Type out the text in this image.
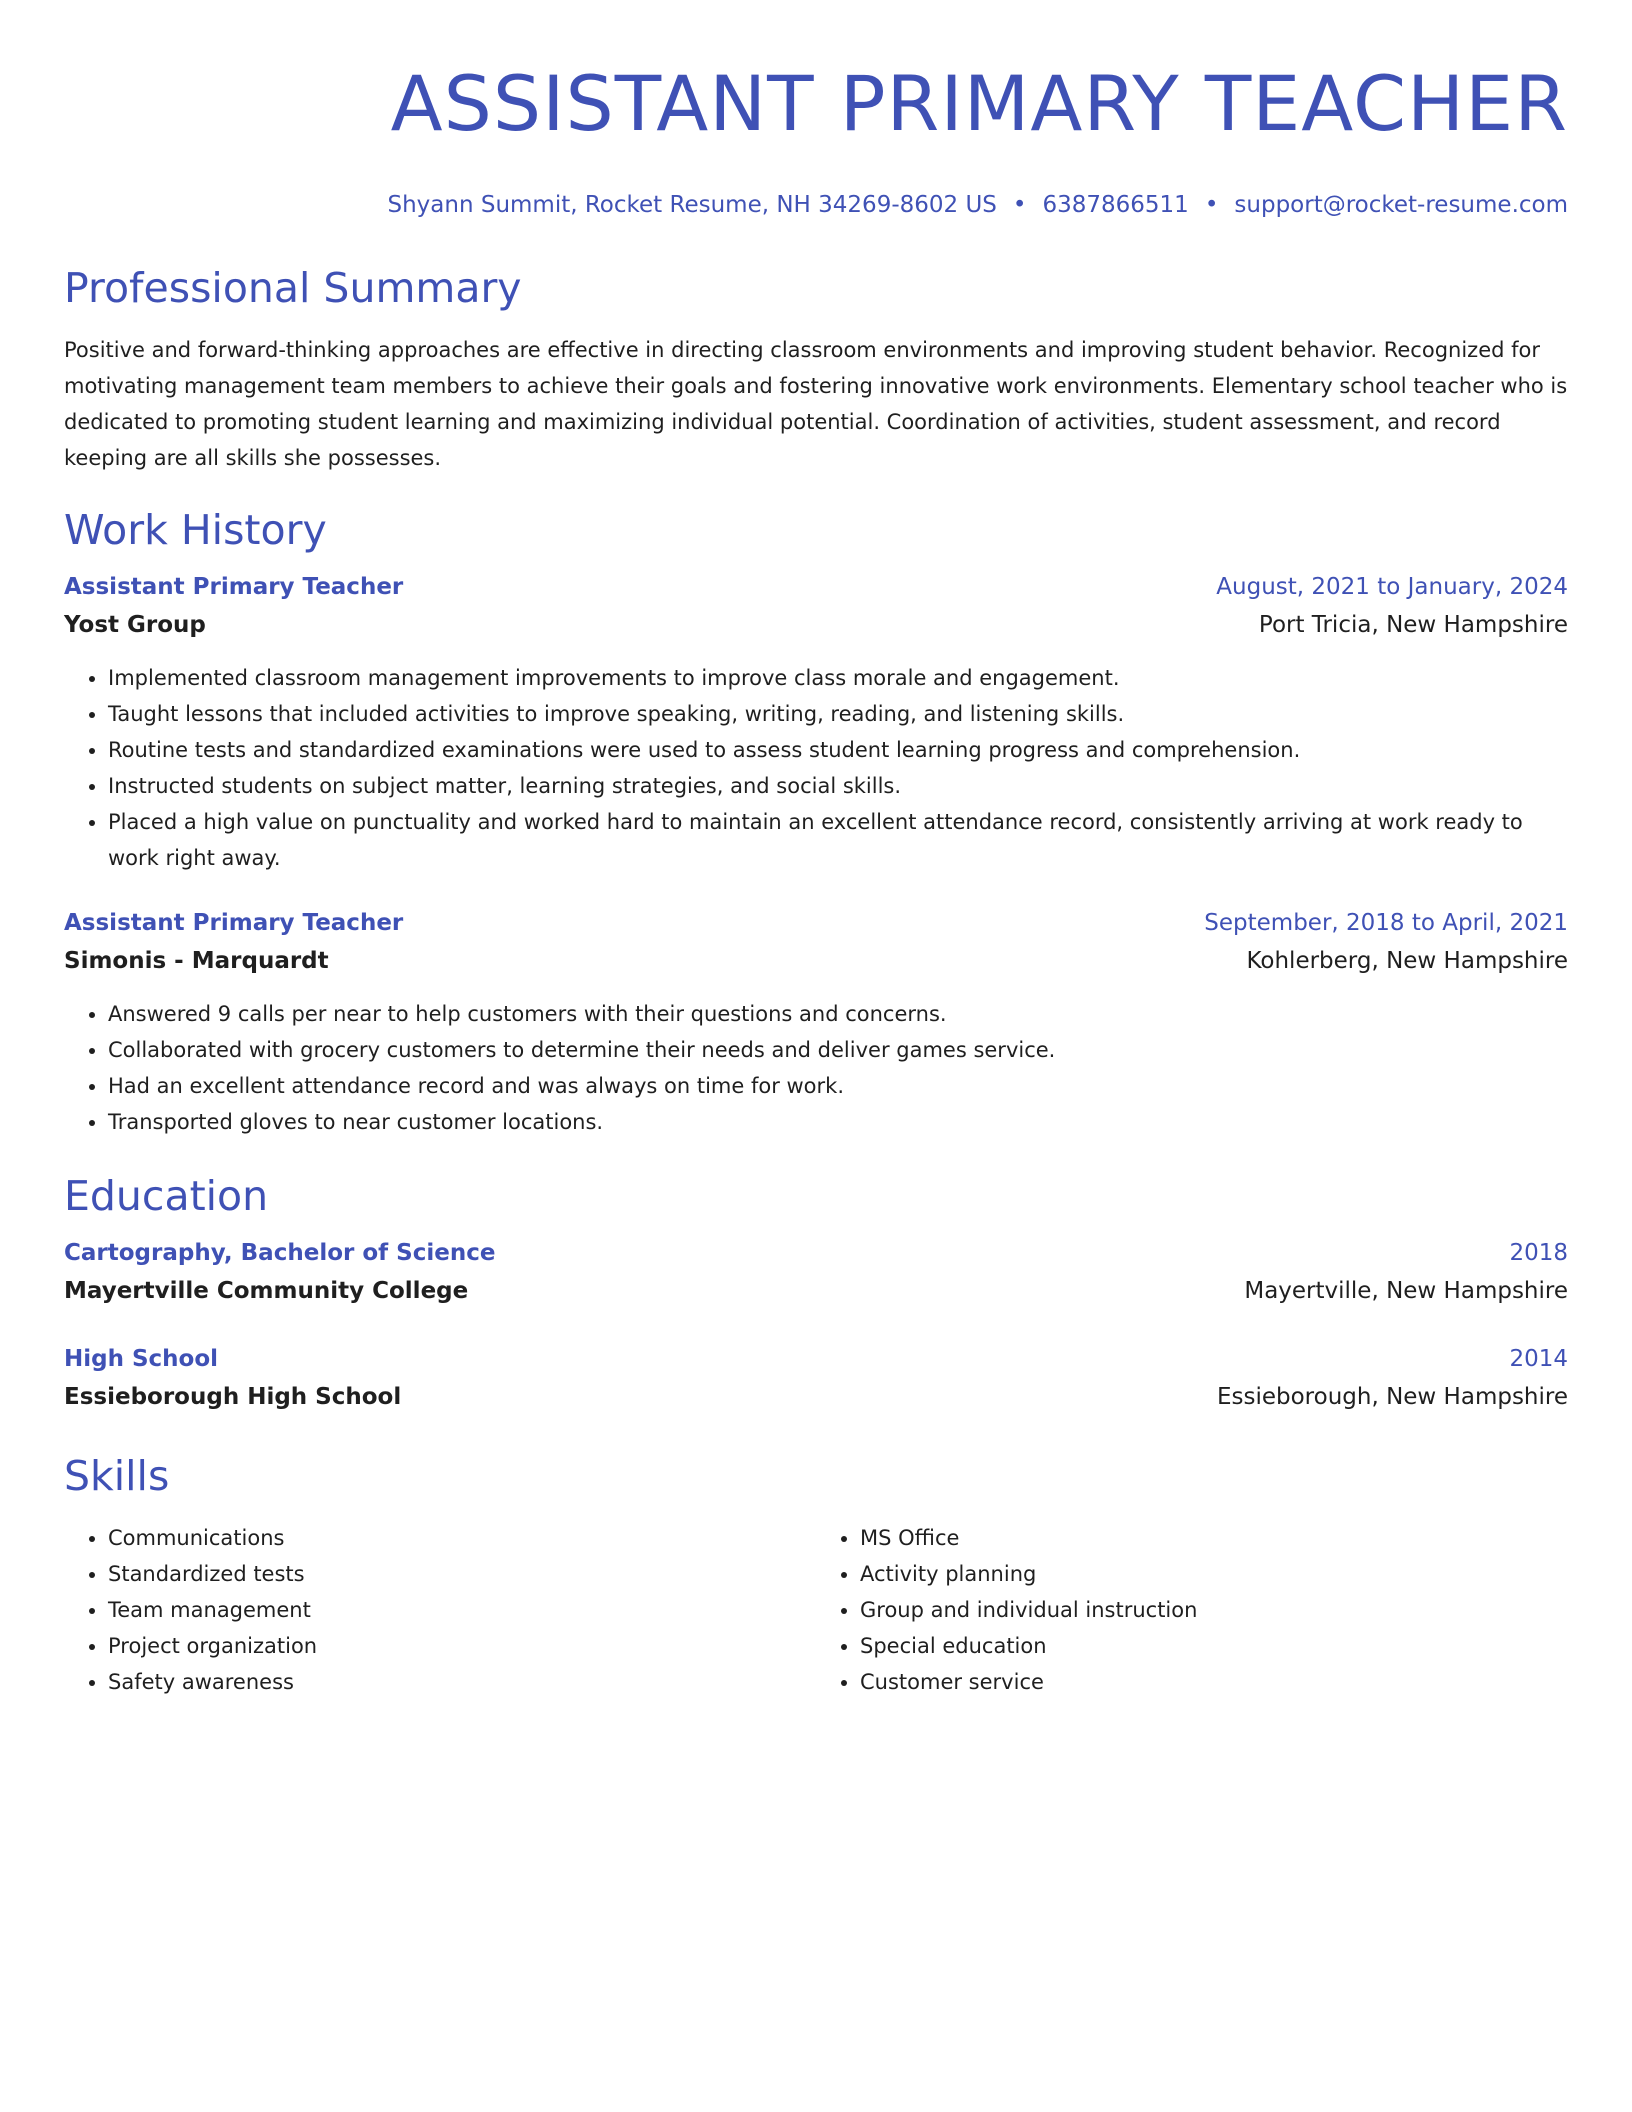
ASSISTANT PRIMARY TEACHER
Shyann Summit, Rocket Resume, NH 34269-8602 US • 6387866511 • support@rocket-resume.com
Professional Summary

Positive and forward-thinking approaches are effective in directing classroom environments and improving student behavior. Recognized for motivating management team members to achieve their goals and fostering innovative work environments. Elementary school teacher who is dedicated to promoting student learning and maximizing individual potential. Coordination of activities, student assessment, and record keeping are all skills she possesses.

Work History
Assistant Primary Teacher	August, 2021 to January, 2024
Yost Group	Port Tricia, New Hampshire
• Implemented classroom management improvements to improve class morale and engagement.
• Taught lessons that included activities to improve speaking, writing, reading, and listening skills.
• Routine tests and standardized examinations were used to assess student learning progress and comprehension.
• Instructed students on subject matter, learning strategies, and social skills.
• Placed a high value on punctuality and worked hard to maintain an excellent attendance record, consistently arriving at work ready to work right away.
Assistant Primary Teacher	September, 2018 to April, 2021
Simonis - Marquardt	Kohlerberg, New Hampshire
• Answered 9 calls per near to help customers with their questions and concerns.
• Collaborated with grocery customers to determine their needs and deliver games service.
• Had an excellent attendance record and was always on time for work.
• Transported gloves to near customer locations.
Education
Cartography, Bachelor of Science	2018
Mayertville Community College	Mayertville, New Hampshire
High School	2014
Essieborough High School	Essieborough, New Hampshire
Skills
• Communications
• Standardized tests
• Team management
• Project organization
• Safety awareness
• MS Office
• Activity planning
• Group and individual instruction
• Special education
• Customer service
